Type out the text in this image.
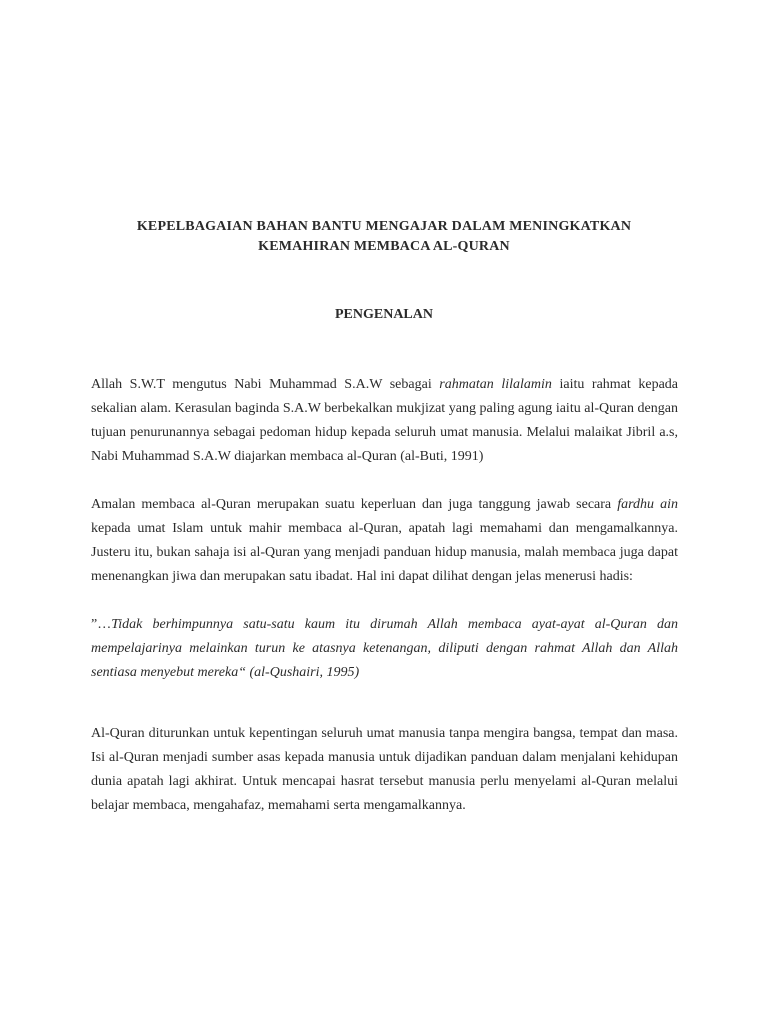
KEPELBAGAIAN BAHAN BANTU MENGAJAR DALAM MENINGKATKAN
KEMAHIRAN MEMBACA AL-QURAN
PENGENALAN

Allah S.W.T mengutus Nabi Muhammad S.A.W sebagai rahmatan lilalamin iaitu rahmat kepada sekalian alam. Kerasulan baginda S.A.W berbekalkan mukjizat yang paling agung iaitu al-Quran dengan tujuan penurunannya sebagai pedoman hidup kepada seluruh umat manusia. Melalui malaikat Jibril a.s, Nabi Muhammad S.A.W diajarkan membaca al-Quran (al-Buti, 1991)

Amalan membaca al-Quran merupakan suatu keperluan dan juga tanggung jawab secara fardhu ain kepada umat Islam untuk mahir membaca al-Quran, apatah lagi memahami dan mengamalkannya. Justeru itu, bukan sahaja isi al-Quran yang menjadi panduan hidup manusia, malah membaca juga dapat menenangkan jiwa dan merupakan satu ibadat. Hal ini dapat dilihat dengan jelas menerusi hadis:

”…Tidak berhimpunnya satu-satu kaum itu dirumah Allah membaca ayat-ayat al-Quran dan mempelajarinya melainkan turun ke atasnya ketenangan, diliputi dengan rahmat Allah dan Allah sentiasa menyebut mereka“ (al-Qushairi, 1995)

Al-Quran diturunkan untuk kepentingan seluruh umat manusia tanpa mengira bangsa, tempat dan masa. Isi al-Quran menjadi sumber asas kepada manusia untuk dijadikan panduan dalam menjalani kehidupan dunia apatah lagi akhirat. Untuk mencapai hasrat tersebut manusia perlu menyelami al-Quran melalui belajar membaca, mengahafaz, memahami serta mengamalkannya.
